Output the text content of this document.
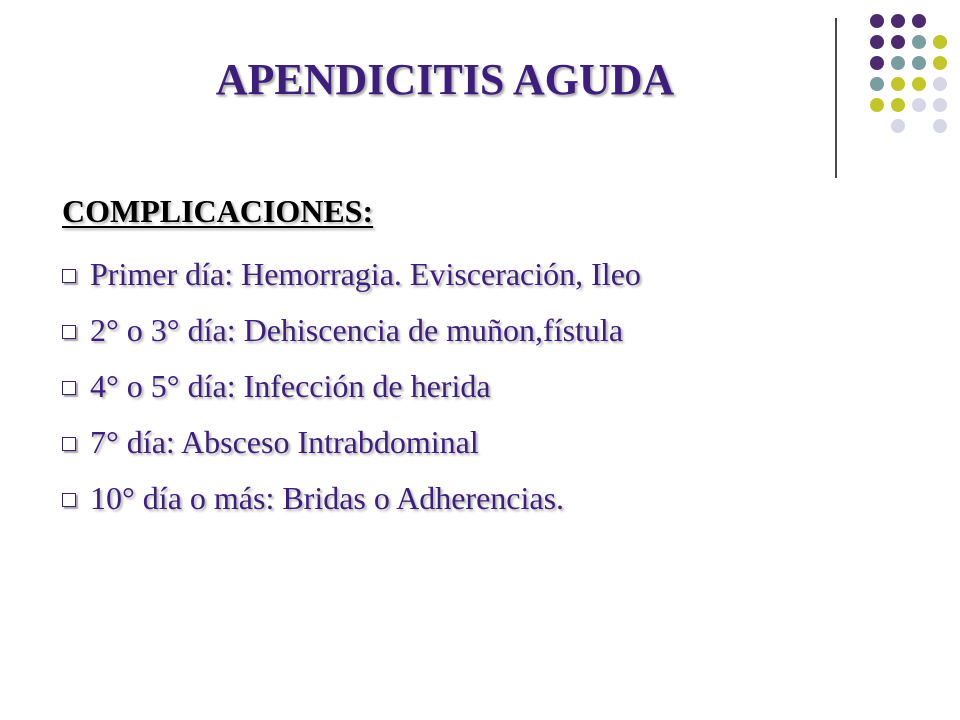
APENDICITIS AGUDA
COMPLICACIONES:
Primer día: Hemorragia. Evisceración, Ileo
2° o 3° día: Dehiscencia de muñon,fístula
4° o 5° día: Infección de herida
7° día: Absceso Intrabdominal
10° día o más: Bridas o Adherencias.
